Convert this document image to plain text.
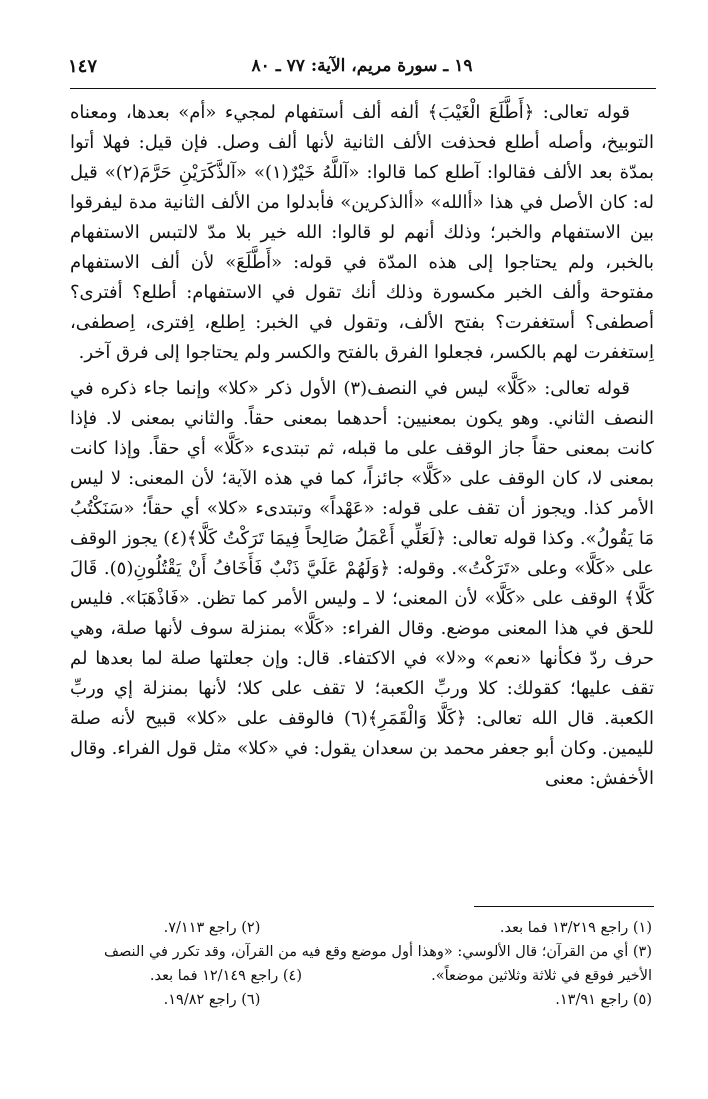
١٩ ـ سورة مريم، الآية: ٧٧ ـ ٨٠
١٤٧

قوله تعالى: ﴿أَطَّلَعَ الْغَيْبَ﴾ ألفه ألف أستفهام لمجيء «أم» بعدها، ومعناه التوبيخ، وأصله أطلع فحذفت الألف الثانية لأنها ألف وصل. فإن قيل: فهلا أتوا بمدّة بعد الألف فقالوا: آطلع كما قالوا: «آللَّهُ خَيْرٌ(١)» «آلذَّكَرَيْنِ حَرَّمَ(٢)» قيل له: كان الأصل في هذا «أالله» «أالذكرين» فأبدلوا من الألف الثانية مدة ليفرقوا بين الاستفهام والخبر؛ وذلك أنهم لو قالوا: الله خير بلا مدّ لالتبس الاستفهام بالخبر، ولم يحتاجوا إلى هذه المدّة في قوله: «أَطَّلَعَ» لأن ألف الاستفهام مفتوحة وألف الخبر مكسورة وذلك أنك تقول في الاستفهام: أطلع؟ أفترى؟ أصطفى؟ أستغفرت؟ بفتح الألف، وتقول في الخبر: اِطلع، اِفترى، اِصطفى، اِستغفرت لهم بالكسر، فجعلوا الفرق بالفتح والكسر ولم يحتاجوا إلى فرق آخر.

قوله تعالى: «كَلَّا» ليس في النصف(٣) الأول ذكر «كلا» وإنما جاء ذكره في النصف الثاني. وهو يكون بمعنيين: أحدهما بمعنى حقاً. والثاني بمعنى لا. فإذا كانت بمعنى حقاً جاز الوقف على ما قبله، ثم تبتدىء «كَلَّا» أي حقاً. وإذا كانت بمعنى لا، كان الوقف على «كَلَّا» جائزاً، كما في هذه الآية؛ لأن المعنى: لا ليس الأمر كذا. ويجوز أن تقف على قوله: «عَهْداً» وتبتدىء «كلا» أي حقاً؛ «سَنَكْتُبُ مَا يَقُولُ». وكذا قوله تعالى: ﴿لَعَلِّي أَعْمَلُ صَالِحاً فِيمَا تَرَكْتُ كَلَّا﴾(٤) يجوز الوقف على «كَلَّا» وعلى «تَرَكْتُ». وقوله: ﴿وَلَهُمْ عَلَيَّ ذَنْبٌ فَأَخَافُ أَنْ يَقْتُلُونِ(٥). قَالَ كَلَّا﴾ الوقف على «كَلَّا» لأن المعنى؛ لا ـ وليس الأمر كما تظن. «فَاذْهَبَا». فليس للحق في هذا المعنى موضع. وقال الفراء: «كَلَّا» بمنزلة سوف لأنها صلة، وهي حرف ردّ فكأنها «نعم» و«لا» في الاكتفاء. قال: وإن جعلتها صلة لما بعدها لم تقف عليها؛ كقولك: كلا وربِّ الكعبة؛ لا تقف على كلا؛ لأنها بمنزلة إي وربِّ الكعبة. قال الله تعالى: ﴿كَلَّا وَالْقَمَرِ﴾(٦) فالوقف على «كلا» قبيح لأنه صلة لليمين. وكان أبو جعفر محمد بن سعدان يقول: في «كلا» مثل قول الفراء. وقال الأخفش: معنى

(١) راجع ١٣/٢١٩ فما بعد.
(٢) راجع ٧/١١٣.

(٣) أي من القرآن؛ قال الألوسي: «وهذا أول موضع وقع فيه من القرآن، وقد تكرر في النصف الأخير فوقع في ثلاثة وثلاثين موضعاً».

(٥) راجع ١٣/٩١.
(٦) راجع ١٩/٨٢.

(٤) راجع ١٢/١٤٩ فما بعد.
